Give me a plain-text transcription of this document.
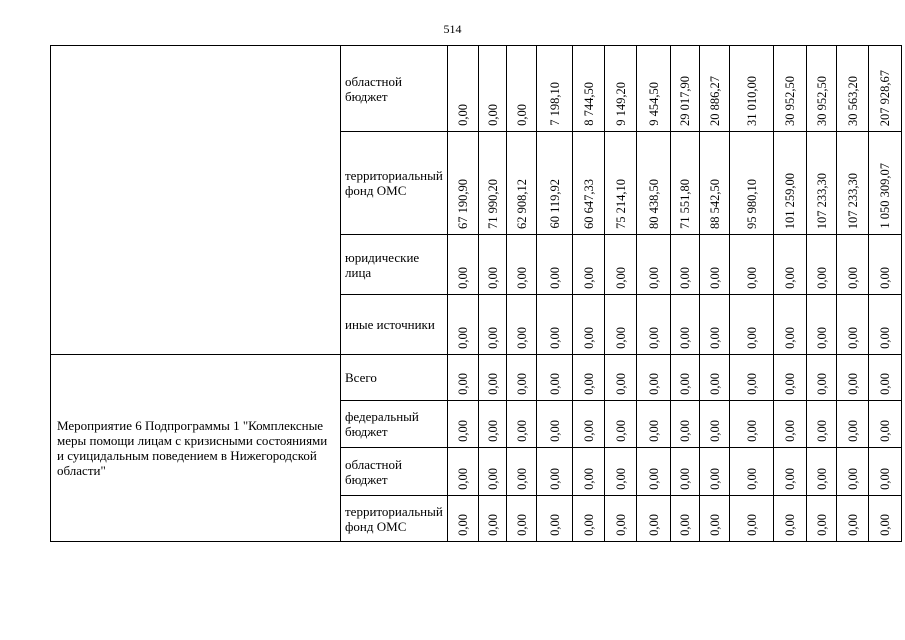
514
	областной бюджет	0,00	0,00	0,00	7 198,10	8 744,50	9 149,20	9 454,50	29 017,90	20 886,27	31 010,00	30 952,50	30 952,50	30 563,20	207 928,67
	территориальный фонд ОМС	67 190,90	71 990,20	62 908,12	60 119,92	60 647,33	75 214,10	80 438,50	71 551,80	88 542,50	95 980,10	101 259,00	107 233,30	107 233,30	1 050 309,07
	юридические лица	0,00	0,00	0,00	0,00	0,00	0,00	0,00	0,00	0,00	0,00	0,00	0,00	0,00	0,00
	иные источники	0,00	0,00	0,00	0,00	0,00	0,00	0,00	0,00	0,00	0,00	0,00	0,00	0,00	0,00
Мероприятие 6 Подпрограммы 1 "Комплексные меры помощи лицам с кризисными состояниями и суицидальным поведением в Нижегородской области"	Всего	0,00	0,00	0,00	0,00	0,00	0,00	0,00	0,00	0,00	0,00	0,00	0,00	0,00	0,00
	федеральный бюджет	0,00	0,00	0,00	0,00	0,00	0,00	0,00	0,00	0,00	0,00	0,00	0,00	0,00	0,00
	областной бюджет	0,00	0,00	0,00	0,00	0,00	0,00	0,00	0,00	0,00	0,00	0,00	0,00	0,00	0,00
	территориальный фонд ОМС	0,00	0,00	0,00	0,00	0,00	0,00	0,00	0,00	0,00	0,00	0,00	0,00	0,00	0,00
